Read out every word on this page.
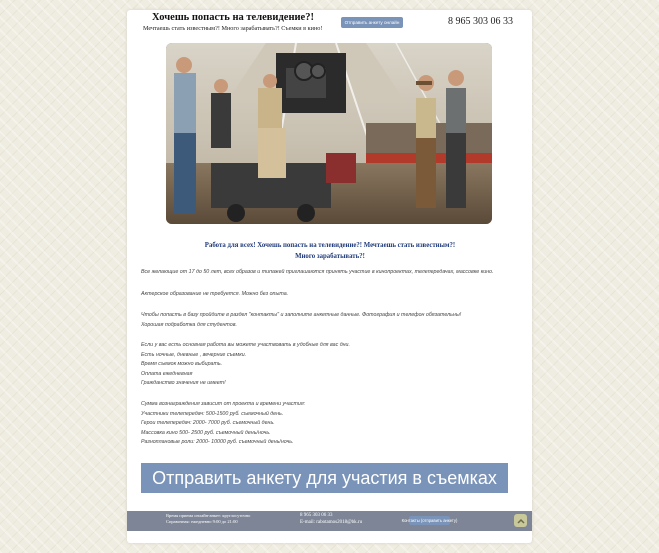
Хочешь попасть на телевидение?!
Мечтаешь стать известным?! Много зарабатывать?! Съемки в кино!
Отправить анкету онлайн	8 965 303 06 33
Работа для всех! Хочешь попасть на телевидение?! Мечтаешь стать известным?!
Много зарабатывать?!
Все желающие от 17 до 50 лет, всех образов и типажей приглашаются принять участие в кинопроектах, телепередачах, массовке кино.
Актерское образование не требуется. Можно без опыта.
Чтобы попасть в базу пройдите в раздел "контакты" и заполните анкетные данные. Фотография и телефон обязательны!
Хорошая подработка для студентов.
Если у вас есть основная работа вы можете участвовать в удобные для вас дни.
Есть ночные, дневные , вечерние съемки.
Время съемок можно выбирать.
Оплата ежедневная
Гражданство значения не имеет!
Сумма вознаграждения зависит от проекта и времени участия:
Участники телепередач: 500-1500 руб. съемочный день.
Герои телепередач: 2000- 7000 руб. съемочный день.
Массовка кино 500- 2500 руб. съемочный день/ночь.
Разноплановые роли: 2000- 10000 руб. съемочный день/ночь.
Отправить анкету для участия в съемках
Время приема онлайн-анкет: круглосуточно
Справочная: ежедневно 9:00 до 21:00
8 965 303 06 33
E-mail: rabotamos2018@bk.ru	Контакты (отправить анкету)
